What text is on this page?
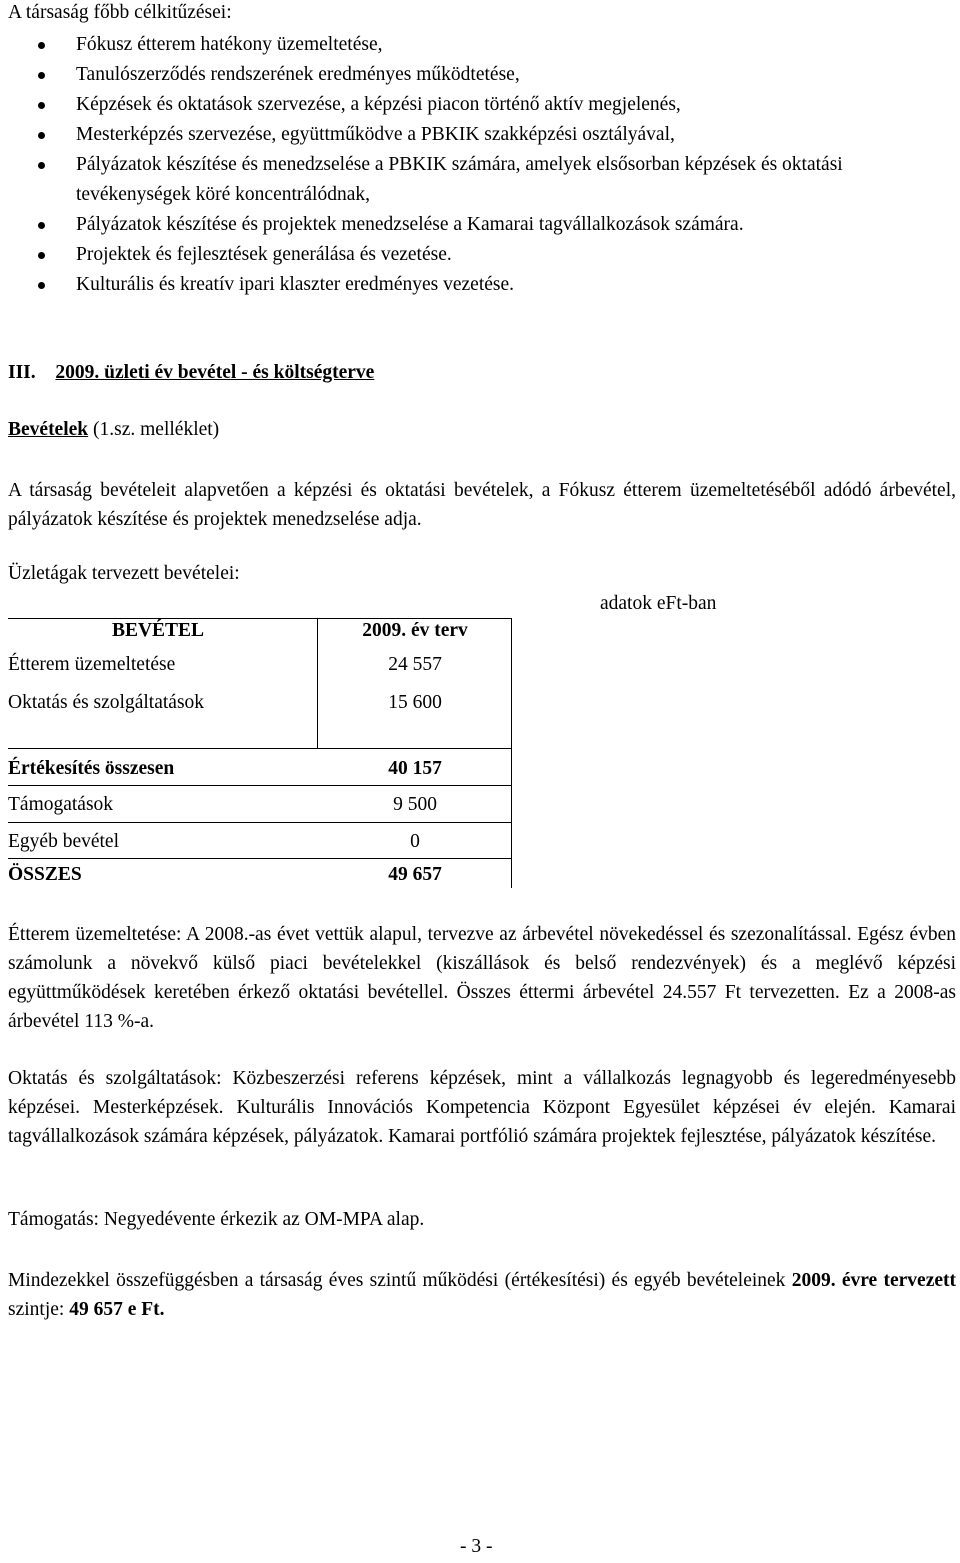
A társaság főbb célkitűzései:
Fókusz étterem hatékony üzemeltetése,
Tanulószerződés rendszerének eredményes működtetése,
Képzések és oktatások szervezése, a képzési piacon történő aktív megjelenés,
Mesterképzés szervezése, együttműködve a PBKIK szakképzési osztályával,
Pályázatok készítése és menedzselése a PBKIK számára, amelyek elsősorban képzések és oktatási tevékenységek köré koncentrálódnak,
Pályázatok készítése és projektek menedzselése a Kamarai tagvállalkozások számára.
Projektek és fejlesztések generálása és vezetése.
Kulturális és kreatív ipari klaszter eredményes vezetése.
III. 2009. üzleti év bevétel - és költségterve
Bevételek (1.sz. melléklet)
A társaság bevételeit alapvetően a képzési és oktatási bevételek, a Fókusz étterem üzemeltetéséből adódó árbevétel, pályázatok készítése és projektek menedzselése adja.
Üzletágak tervezett bevételei:
adatok eFt-ban
BEVÉTEL	2009. év terv
Étterem üzemeltetése	24 557
Oktatás és szolgáltatások	15 600
Értékesítés összesen	40 157
Támogatások	9 500
Egyéb bevétel	0
ÖSSZES	49 657
Étterem üzemeltetése: A 2008.-as évet vettük alapul, tervezve az árbevétel növekedéssel és szezonalítással. Egész évben számolunk a növekvő külső piaci bevételekkel (kiszállások és belső rendezvények) és a meglévő képzési együttműködések keretében érkező oktatási bevétellel. Összes éttermi árbevétel 24.557 Ft tervezetten. Ez a 2008-as árbevétel 113 %-a.
Oktatás és szolgáltatások: Közbeszerzési referens képzések, mint a vállalkozás legnagyobb és legeredményesebb képzései. Mesterképzések. Kulturális Innovációs Kompetencia Központ Egyesület képzései év elején. Kamarai tagvállalkozások számára képzések, pályázatok. Kamarai portfólió számára projektek fejlesztése, pályázatok készítése.
Támogatás: Negyedévente érkezik az OM-MPA alap.
Mindezekkel összefüggésben a társaság éves szintű működési (értékesítési) és egyéb bevételeinek 2009. évre tervezett szintje: 49 657 e Ft.
- 3 -
